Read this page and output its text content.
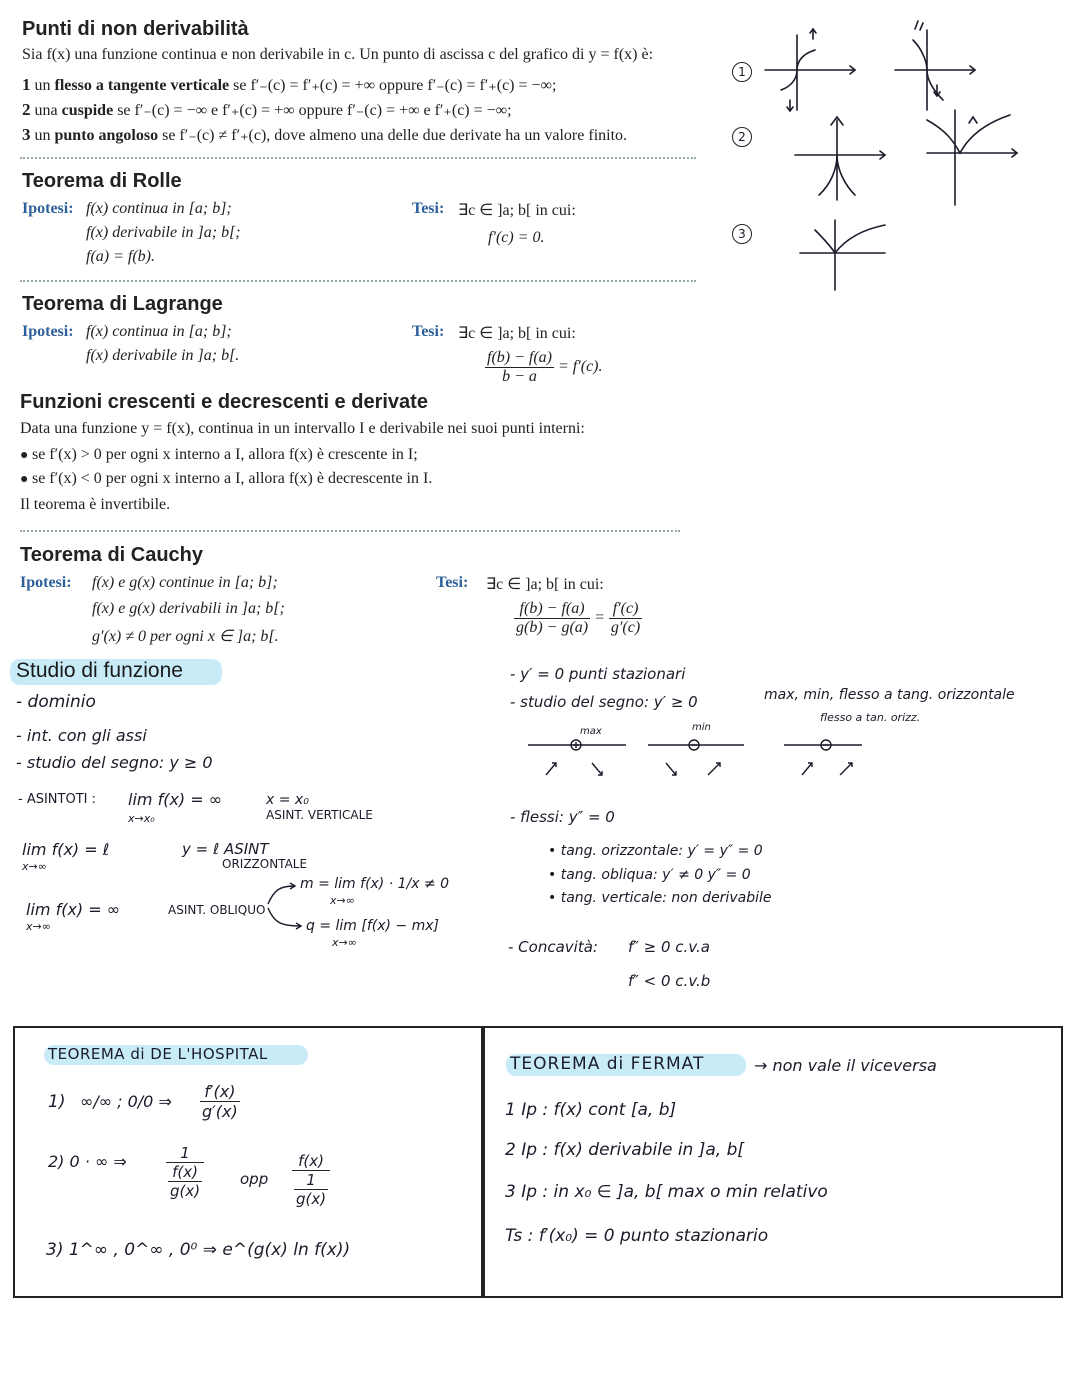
Punti di non derivabilità
Sia f(x) una funzione continua e non derivabile in c. Un punto di ascissa c del grafico di y = f(x) è:
1 un flesso a tangente verticale se f′₋(c) = f′₊(c) = +∞ oppure f′₋(c) = f′₊(c) = −∞;
2 una cuspide se f′₋(c) = −∞ e f′₊(c) = +∞ oppure f′₋(c) = +∞ e f′₊(c) = −∞;
3 un punto angoloso se f′₋(c) ≠ f′₊(c), dove almeno una delle due derivate ha un valore finito.
1
2
3
Teorema di Rolle
Ipotesi: f(x) continua in [a; b];
f(x) derivabile in ]a; b[;
f(a) = f(b).
Tesi: ∃c ∈ ]a; b[ in cui:
f′(c) = 0.
Teorema di Lagrange
Ipotesi: f(x) continua in [a; b];
f(x) derivabile in ]a; b[.
Tesi: ∃c ∈ ]a; b[ in cui:
$\frac{f(b) - f(a)}{b - a} = f'(c)$.
Funzioni crescenti e decrescenti e derivate
Data una funzione y = f(x), continua in un intervallo I e derivabile nei suoi punti interni:
● se f′(x) > 0 per ogni x interno a I, allora f(x) è crescente in I;
● se f′(x) < 0 per ogni x interno a I, allora f(x) è decrescente in I.
Il teorema è invertibile.
Teorema di Cauchy
Ipotesi: f(x) e g(x) continue in [a; b];
f(x) e g(x) derivabili in ]a; b[;
g′(x) ≠ 0 per ogni x ∈ ]a; b[.
Tesi: ∃c ∈ ]a; b[ in cui:
$\frac{f(b) - f(a)}{g(b) - g(a)} = \frac{f'(c)}{g'(c)}$
Studio di funzione
- dominio
- int. con gli assi
- studio del segno: y ≥ 0
- ASINTOTI : lim f(x) = ∞
x→x₀
x = x₀
ASINT. VERTICALE
lim f(x) = ℓ
x→∞
y = ℓ ASINT
ORIZZONTALE
lim f(x) = ∞
x→∞
ASINT. OBLIQUO
m = lim f(x) · 1/x ≠ 0
x→∞
q = lim [f(x) − mx]
x→∞
- y′ = 0 punti stazionari
- studio del segno: y′ ≥ 0	max, min, flesso a tang. orizzontale
flesso a tan. orizz.
max	min
- flessi: y″ = 0
• tang. orizzontale: y′ = y″ = 0
• tang. obliqua: y′ ≠ 0 y″ = 0
• tang. verticale: non derivabile
- Concavità: f″ ≥ 0 c.v.a
f″ < 0 c.v.b
TEOREMA di DE L'HOSPITAL
1) ∞/∞ ; 0/0 ⇒ $\frac{f'(x)}{g'(x)}$
2) 0 · ∞ ⇒	$\frac{1}{\frac{f(x)}{g(x)}}$ opp $\frac{f(x)}{\frac{1}{g(x)}}$
3) 1^∞ , 0^∞ , 0⁰ ⇒ e^(g(x) ln f(x))
TEOREMA di FERMAT	→ non vale il viceversa
1 Ip : f(x) cont [a, b]
2 Ip : f(x) derivabile in ]a, b[
3 Ip : in x₀ ∈ ]a, b[ max o min relativo
Ts : f′(x₀) = 0 punto stazionario
